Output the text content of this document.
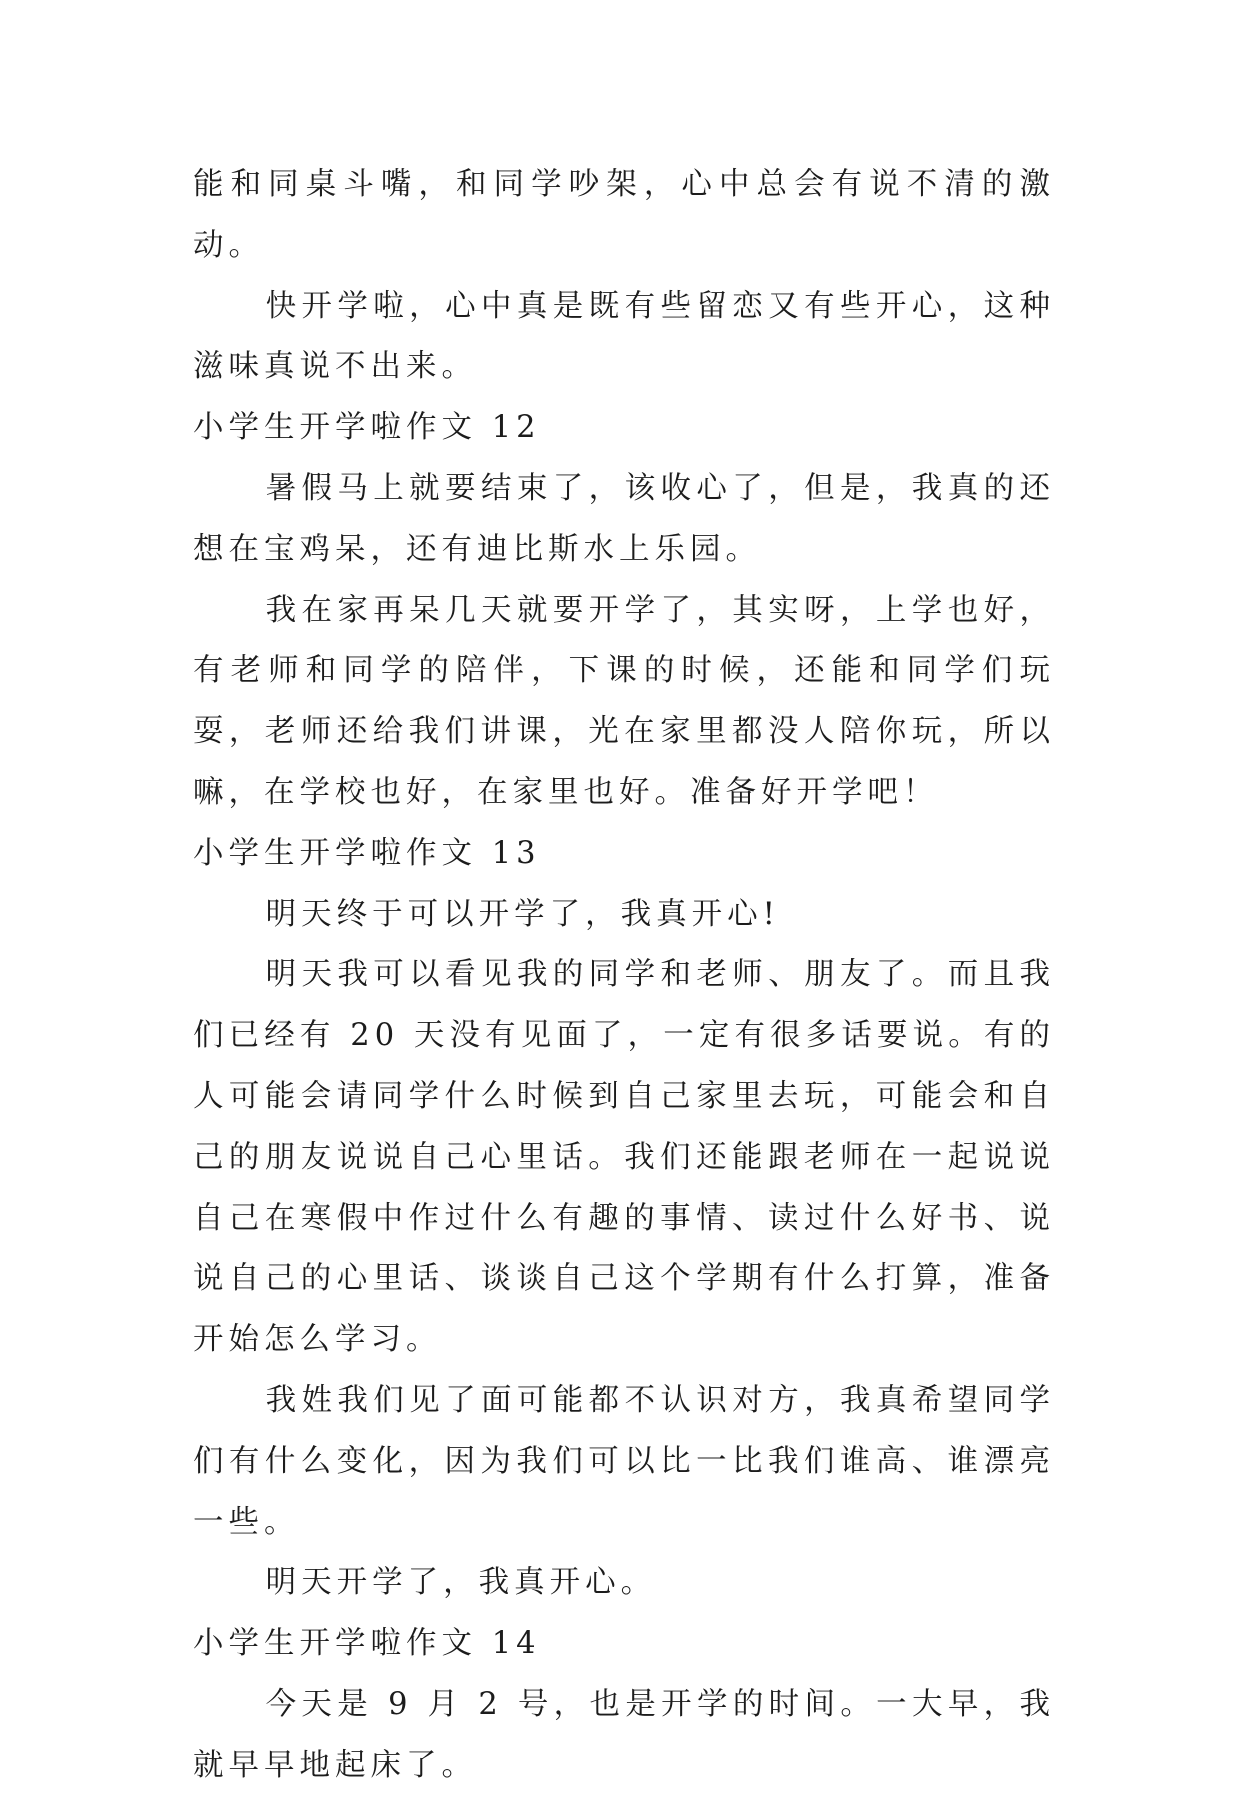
能和同桌斗嘴，和同学吵架，心中总会有说不清的激动。

快开学啦，心中真是既有些留恋又有些开心，这种滋味真说不出来。

小学生开学啦作文 12

暑假马上就要结束了，该收心了，但是，我真的还想在宝鸡呆，还有迪比斯水上乐园。

我在家再呆几天就要开学了，其实呀，上学也好，有老师和同学的陪伴，下课的时候，还能和同学们玩耍，老师还给我们讲课，光在家里都没人陪你玩，所以嘛，在学校也好，在家里也好。准备好开学吧！

小学生开学啦作文 13

明天终于可以开学了，我真开心!

明天我可以看见我的同学和老师、朋友了。而且我们已经有 20 天没有见面了，一定有很多话要说。有的人可能会请同学什么时候到自己家里去玩，可能会和自己的朋友说说自己心里话。我们还能跟老师在一起说说自己在寒假中作过什么有趣的事情、读过什么好书、说说自己的心里话、谈谈自己这个学期有什么打算，准备开始怎么学习。

我姓我们见了面可能都不认识对方，我真希望同学们有什么变化，因为我们可以比一比我们谁高、谁漂亮一些。

明天开学了，我真开心。

小学生开学啦作文 14

今天是 9 月 2 号，也是开学的时间。一大早，我就早早地起床了。
